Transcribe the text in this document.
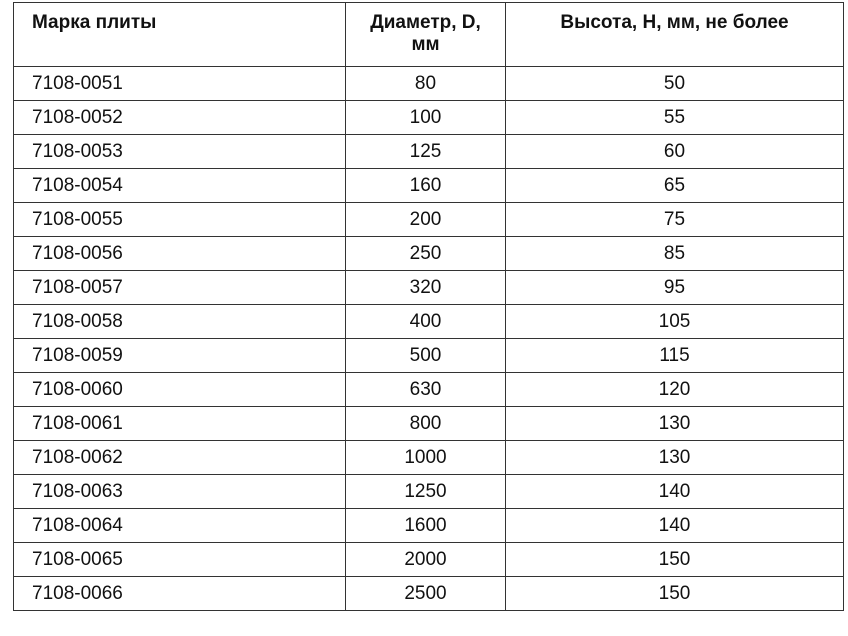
Марка плиты	Диаметр, D, мм	Высота, H, мм, не более
7108-0051	80	50
7108-0052	100	55
7108-0053	125	60
7108-0054	160	65
7108-0055	200	75
7108-0056	250	85
7108-0057	320	95
7108-0058	400	105
7108-0059	500	115
7108-0060	630	120
7108-0061	800	130
7108-0062	1000	130
7108-0063	1250	140
7108-0064	1600	140
7108-0065	2000	150
7108-0066	2500	150
